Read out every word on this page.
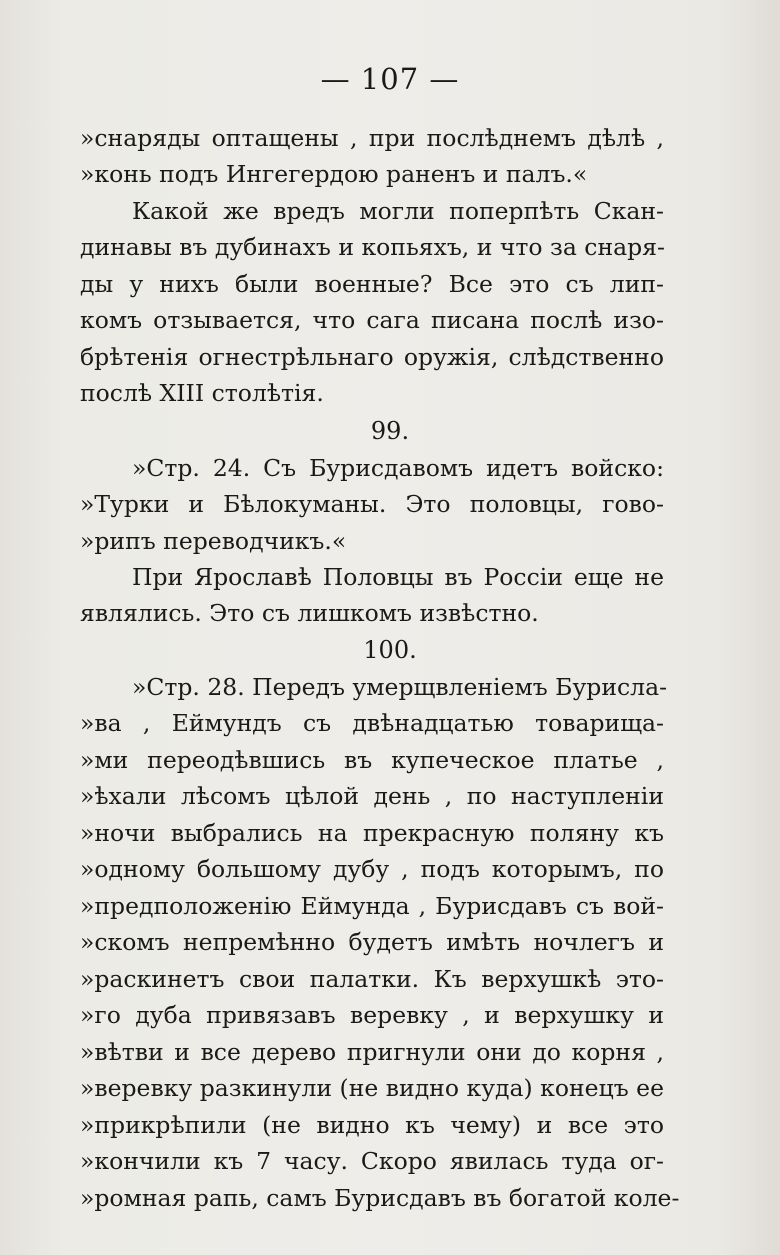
— 107 —
»снаряды оптащены , при послѣднемъ дѣлѣ ,
»конь подъ Ингегердою раненъ и палъ.«
Какой же вредъ могли поперпѣть Скан-
динавы въ дубинахъ и копьяхъ, и что за снаря-
ды у нихъ были военные? Все это съ лип-
комъ отзывается, что сага писана послѣ изо-
брѣтенія огнестрѣльнаго оружія, слѣдственно
послѣ XIII столѣтія.
99.
»Стр. 24. Съ Бурисдавомъ идетъ войско:
»Турки и Бѣлокуманы. Это половцы, гово-
»рипъ переводчикъ.«
При Ярославѣ Половцы въ Россіи еще не
являлись. Это съ лишкомъ извѣстно.
100.
»Стр. 28. Передъ умерщвленіемъ Бурисла-
»ва , Еймундъ съ двѣнадцатью товарища-
»ми переодѣвшись въ купеческое платье ,
»ѣхали лѣсомъ цѣлой день , по наступленіи
»ночи выбрались на прекрасную поляну къ
»одному большому дубу , подъ которымъ, по
»предположенію Еймунда , Бурисдавъ съ вой-
»скомъ непремѣнно будетъ имѣть ночлегъ и
»раскинетъ свои палатки. Къ верхушкѣ это-
»го дуба привязавъ веревку , и верхушку и
»вѣтви и все дерево пригнули они до корня ,
»веревку разкинули (не видно куда) конецъ ее
»прикрѣпили (не видно къ чему) и все это
»кончили къ 7 часу. Скоро явилась туда ог-
»ромная рапь, самъ Бурисдавъ въ богатой коле-
